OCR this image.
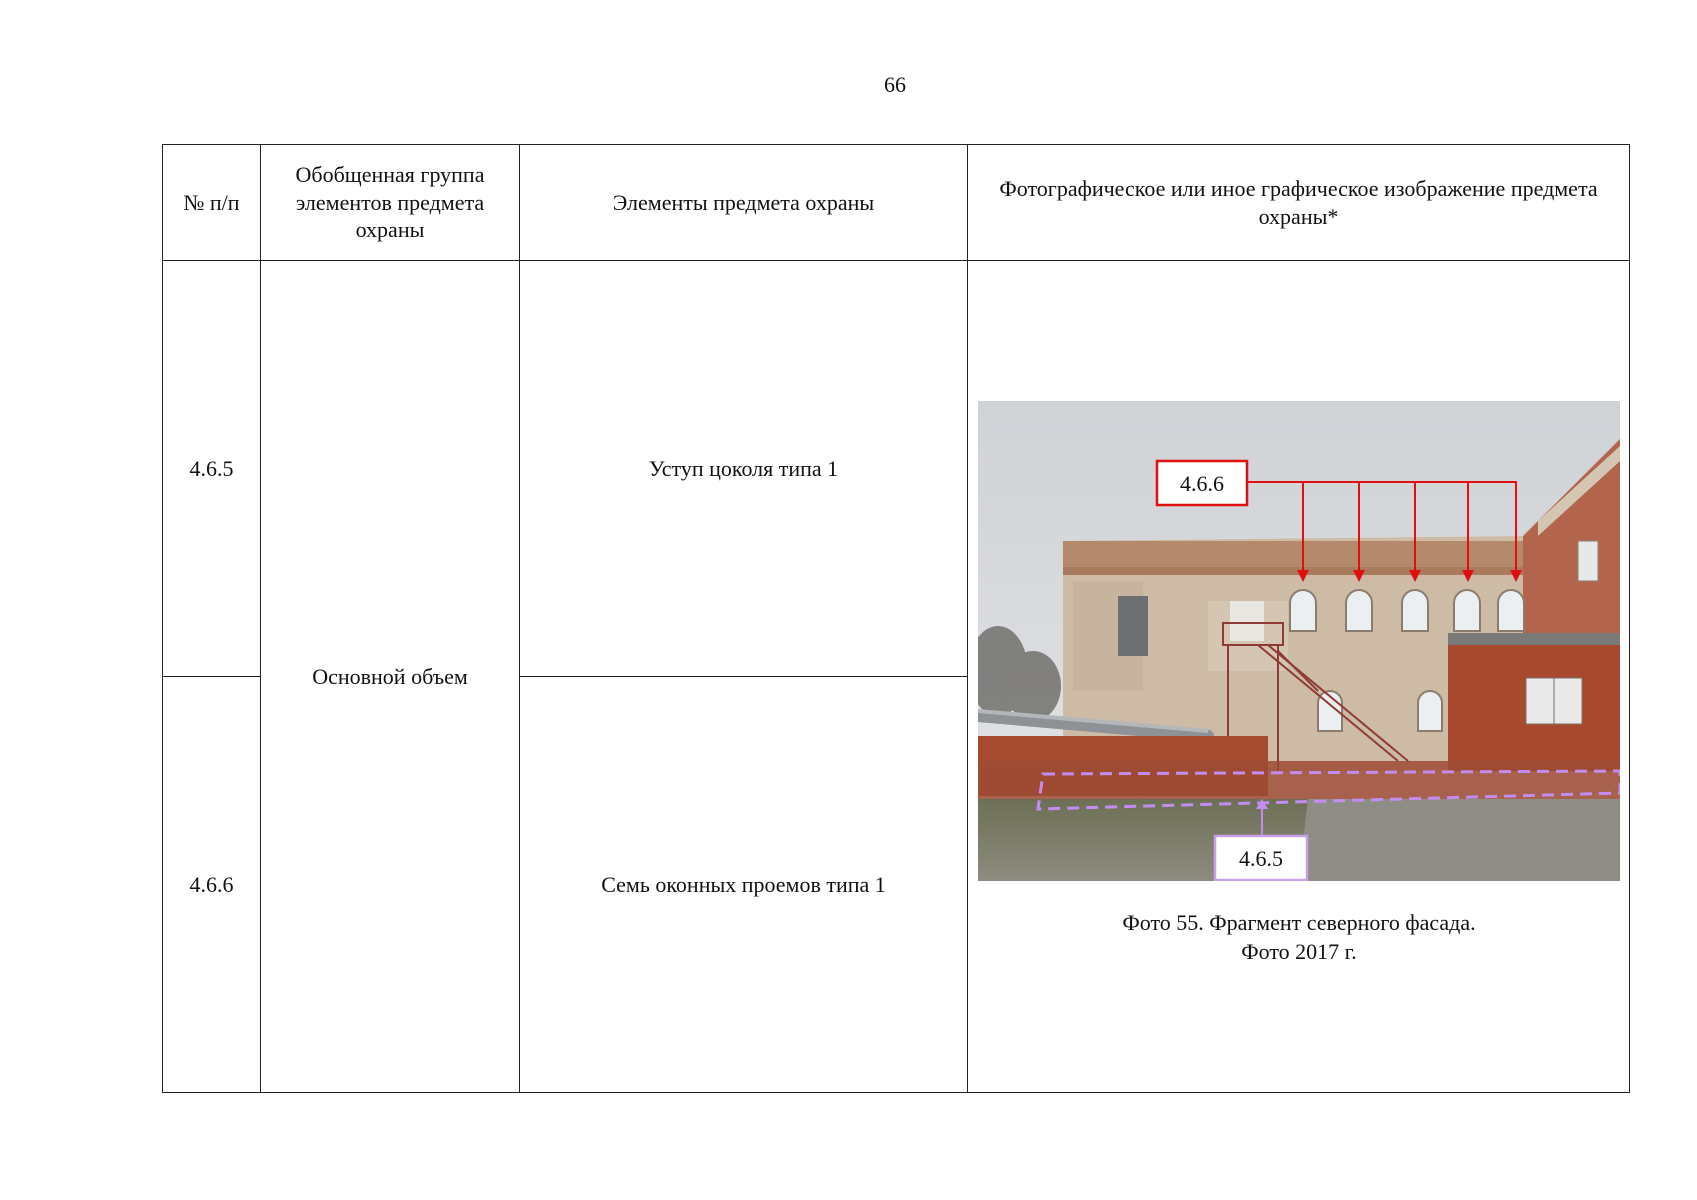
66
№ п/п	Обобщенная группа элементов предмета охраны	Элементы предмета охраны	Фотографическое или иное графическое изображение предмета охраны*
4.6.5	Основной объем	Уступ цоколя типа 1	4.6.6
4.6.5
Фото 55. Фрагмент северного фасада.
Фото 2017 г.

4.6.6		Семь оконных проемов типа 1	
